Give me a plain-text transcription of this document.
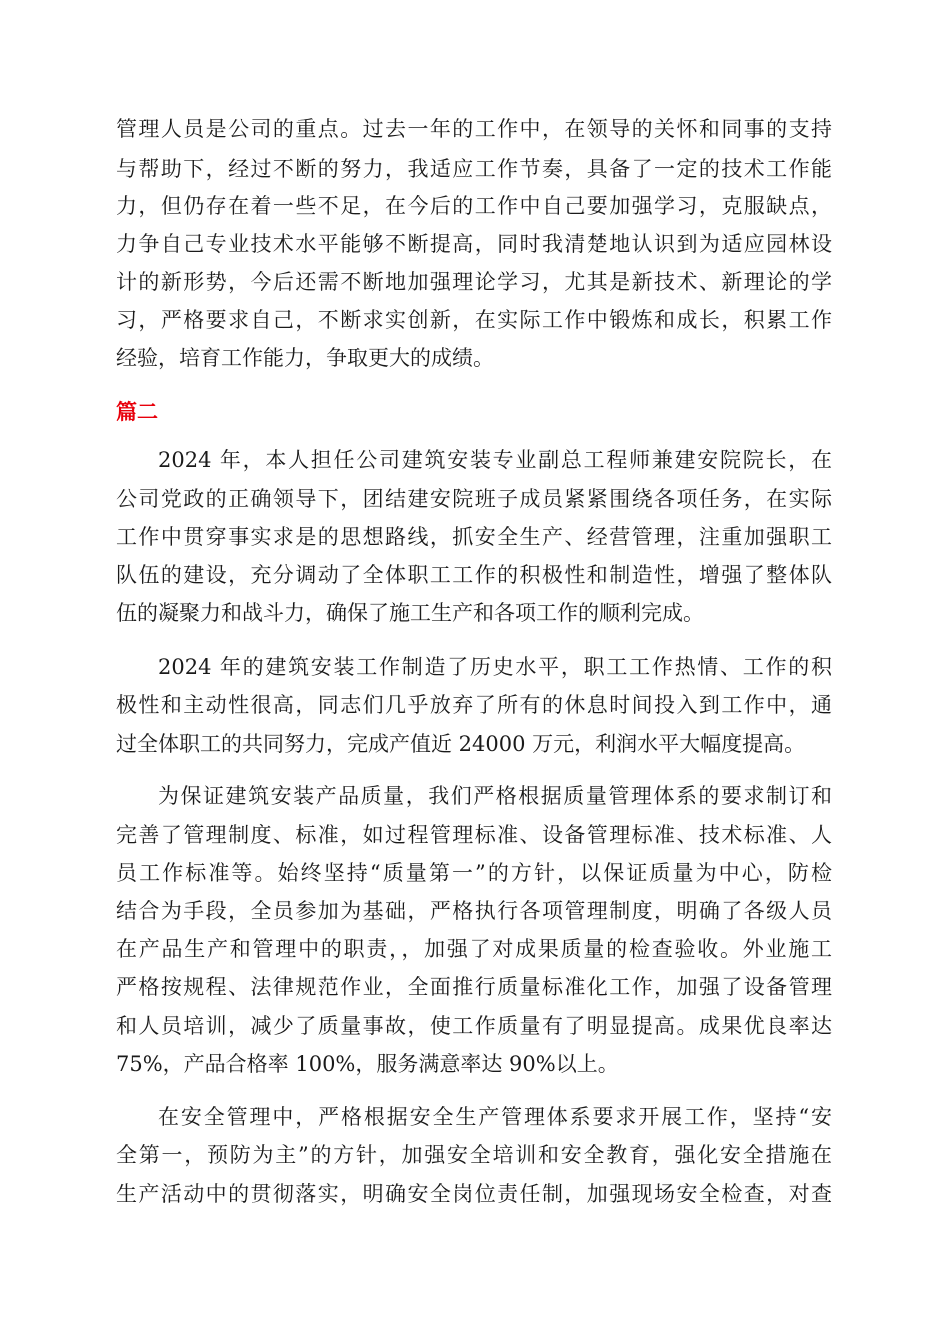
管理人员是公司的重点。过去一年的工作中，在领导的关怀和同事的支持

与帮助下，经过不断的努力，我适应工作节奏，具备了一定的技术工作能

力，但仍存在着一些不足，在今后的工作中自己要加强学习，克服缺点，

力争自己专业技术水平能够不断提高，同时我清楚地认识到为适应园林设

计的新形势，今后还需不断地加强理论学习，尤其是新技术、新理论的学

习，严格要求自己，不断求实创新，在实际工作中锻炼和成长，积累工作

经验，培育工作能力，争取更大的成绩。

篇二

2024 年，本人担任公司建筑安装专业副总工程师兼建安院院长，在

公司党政的正确领导下，团结建安院班子成员紧紧围绕各项任务，在实际

工作中贯穿事实求是的思想路线，抓安全生产、经营管理，注重加强职工

队伍的建设，充分调动了全体职工工作的积极性和制造性，增强了整体队

伍的凝聚力和战斗力，确保了施工生产和各项工作的顺利完成。

2024 年的建筑安装工作制造了历史水平，职工工作热情、工作的积

极性和主动性很高，同志们几乎放弃了所有的休息时间投入到工作中，通

过全体职工的共同努力，完成产值近 24000 万元，利润水平大幅度提高。

为保证建筑安装产品质量，我们严格根据质量管理体系的要求制订和

完善了管理制度、标准，如过程管理标准、设备管理标准、技术标准、人

员工作标准等。始终坚持“质量第一”的方针，以保证质量为中心，防检

结合为手段，全员参加为基础，严格执行各项管理制度，明确了各级人员

在产品生产和管理中的职责，，加强了对成果质量的检查验收。外业施工

严格按规程、法律规范作业，全面推行质量标准化工作，加强了设备管理

和人员培训，减少了质量事故，使工作质量有了明显提高。成果优良率达

75%，产品合格率 100%，服务满意率达 90%以上。

在安全管理中，严格根据安全生产管理体系要求开展工作，坚持“安

全第一，预防为主”的方针，加强安全培训和安全教育，强化安全措施在

生产活动中的贯彻落实，明确安全岗位责任制，加强现场安全检查，对查
